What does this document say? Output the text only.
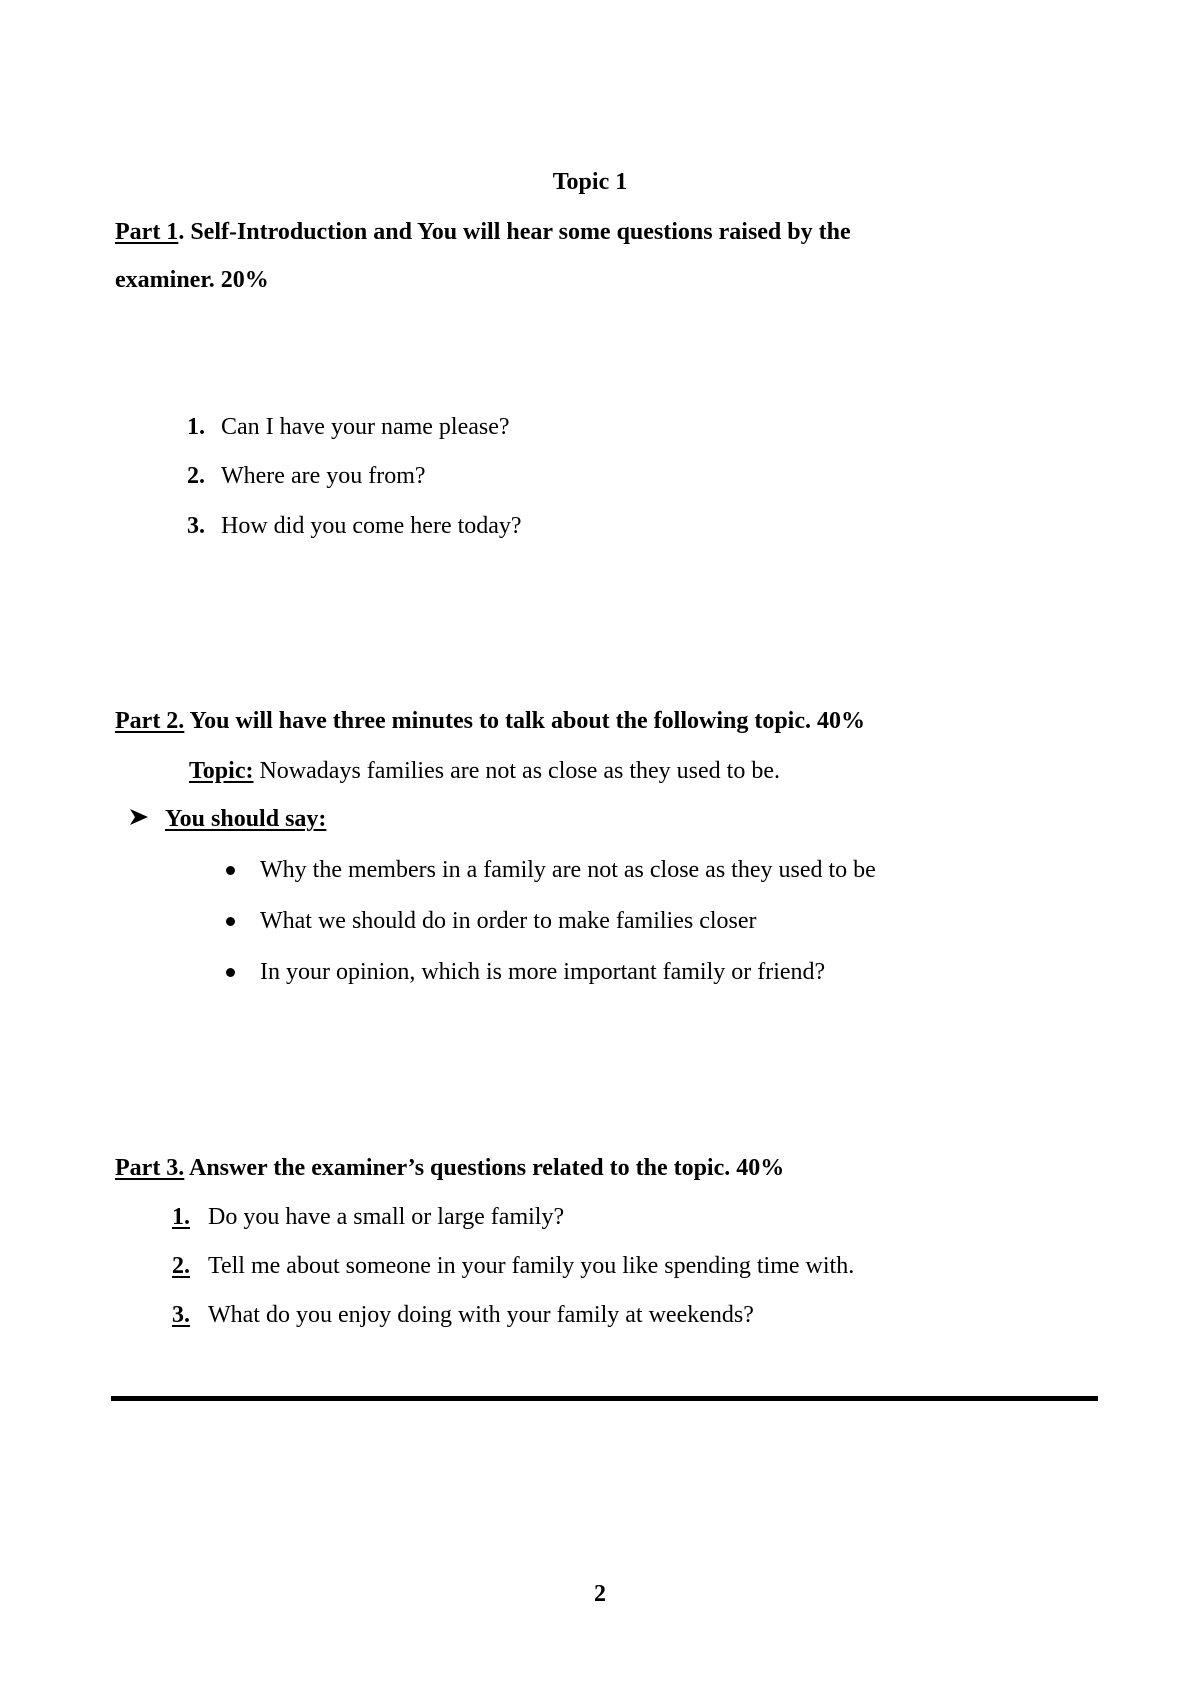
Topic 1
Part 1. Self-Introduction and You will hear some questions raised by the
examiner. 20%
1. Can I have your name please?
2. Where are you from?
3. How did you come here today?
Part 2. You will have three minutes to talk about the following topic. 40%
Topic: Nowadays families are not as close as they used to be.
You should say:
Why the members in a family are not as close as they used to be
What we should do in order to make families closer
In your opinion, which is more important family or friend?
Part 3. Answer the examiner’s questions related to the topic. 40%
1. Do you have a small or large family?
2. Tell me about someone in your family you like spending time with.
3. What do you enjoy doing with your family at weekends?
2
